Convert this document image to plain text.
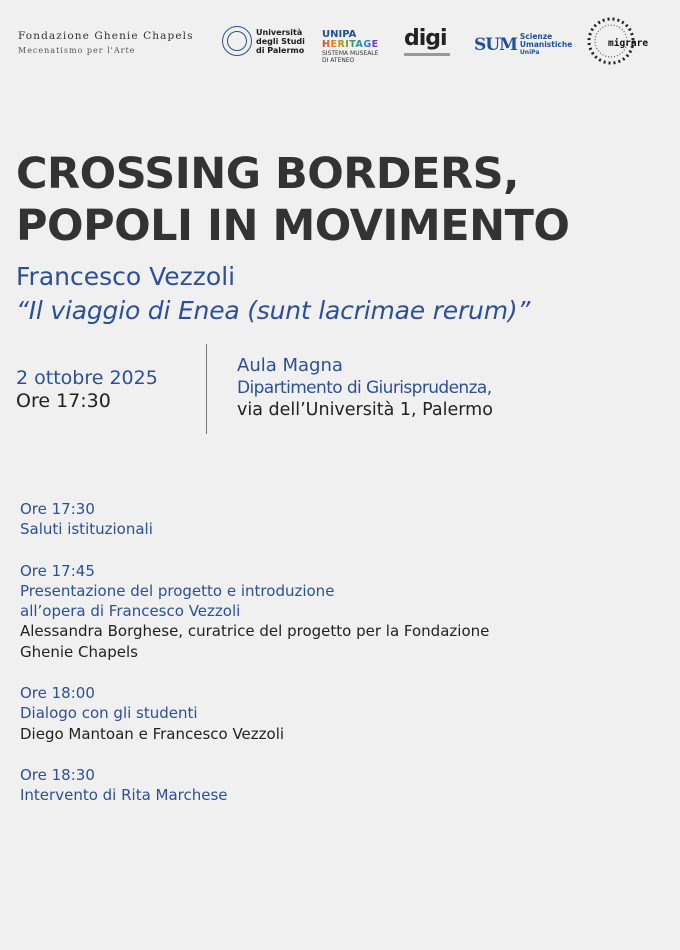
Fondazione Ghenie Chapels
Mecenatismo per l'Arte
Università
degli Studi
di Palermo
UNIPA
HERITAGE
SISTEMA MUSEALE
DI ATENEO
digi SUM Scienze
Umanistiche
UniPa
migrare
CROSSING BORDERS,
POPOLI IN MOVIMENTO
Francesco Vezzoli
“Il viaggio di Enea (sunt lacrimae rerum)”
2 ottobre 2025
Ore 17:30
Aula Magna
Dipartimento di Giurisprudenza,
via dell’Università 1, Palermo
Ore 17:30
Saluti istituzionali
Ore 17:45
Presentazione del progetto e introduzione
all’opera di Francesco Vezzoli
Alessandra Borghese, curatrice del progetto per la Fondazione
Ghenie Chapels
Ore 18:00
Dialogo con gli studenti
Diego Mantoan e Francesco Vezzoli
Ore 18:30
Intervento di Rita Marchese
